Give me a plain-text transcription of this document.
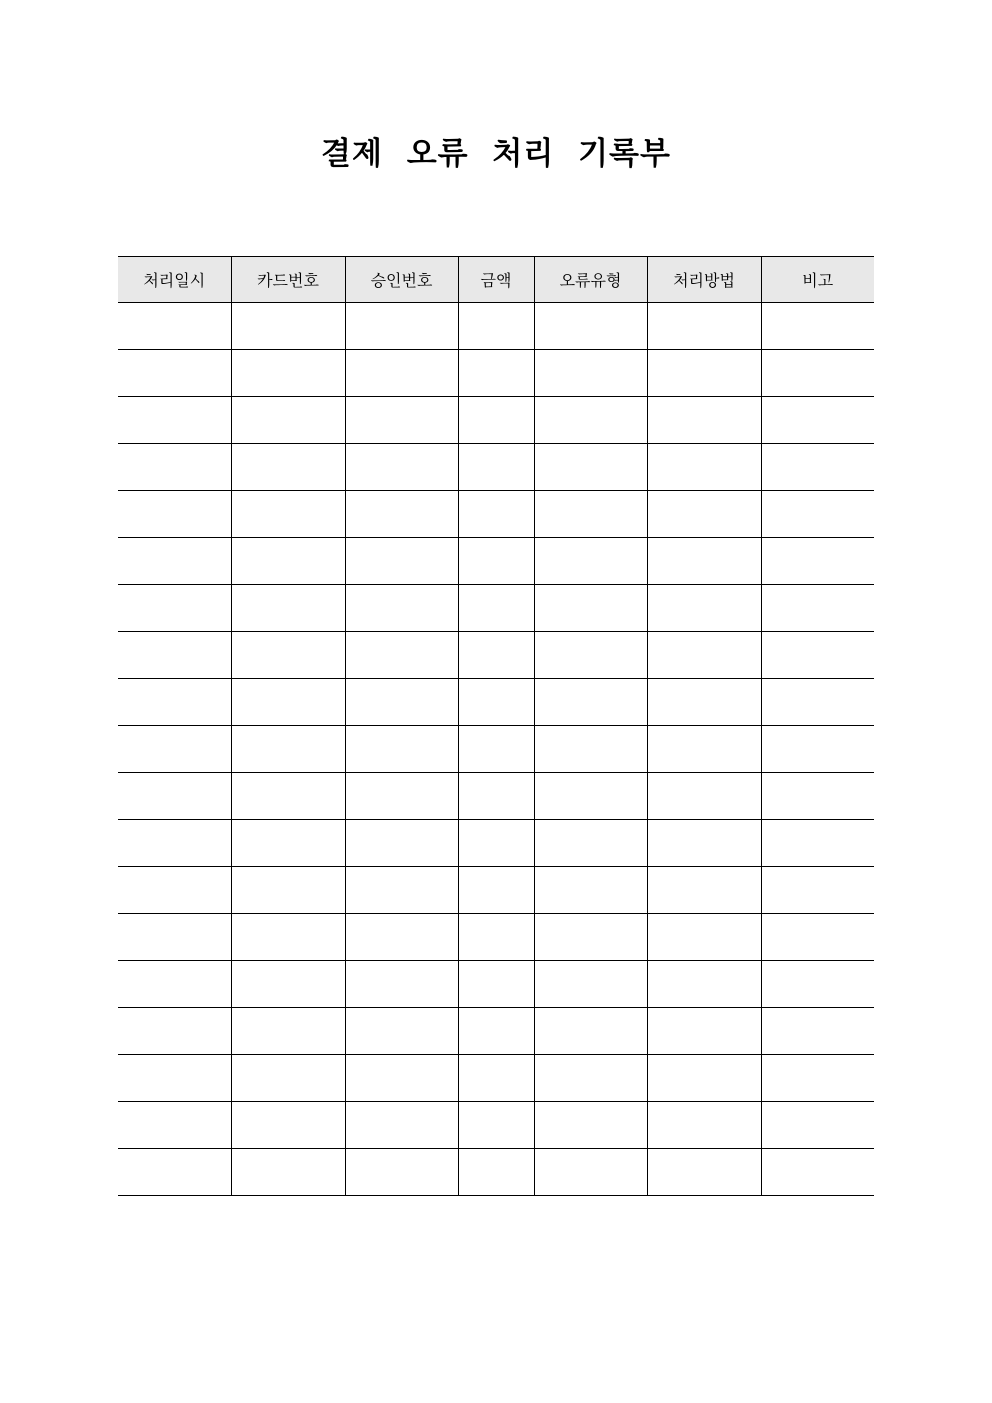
결제 오류 처리 기록부
처리일시	카드번호	승인번호	금액	오류유형	처리방법	비고
